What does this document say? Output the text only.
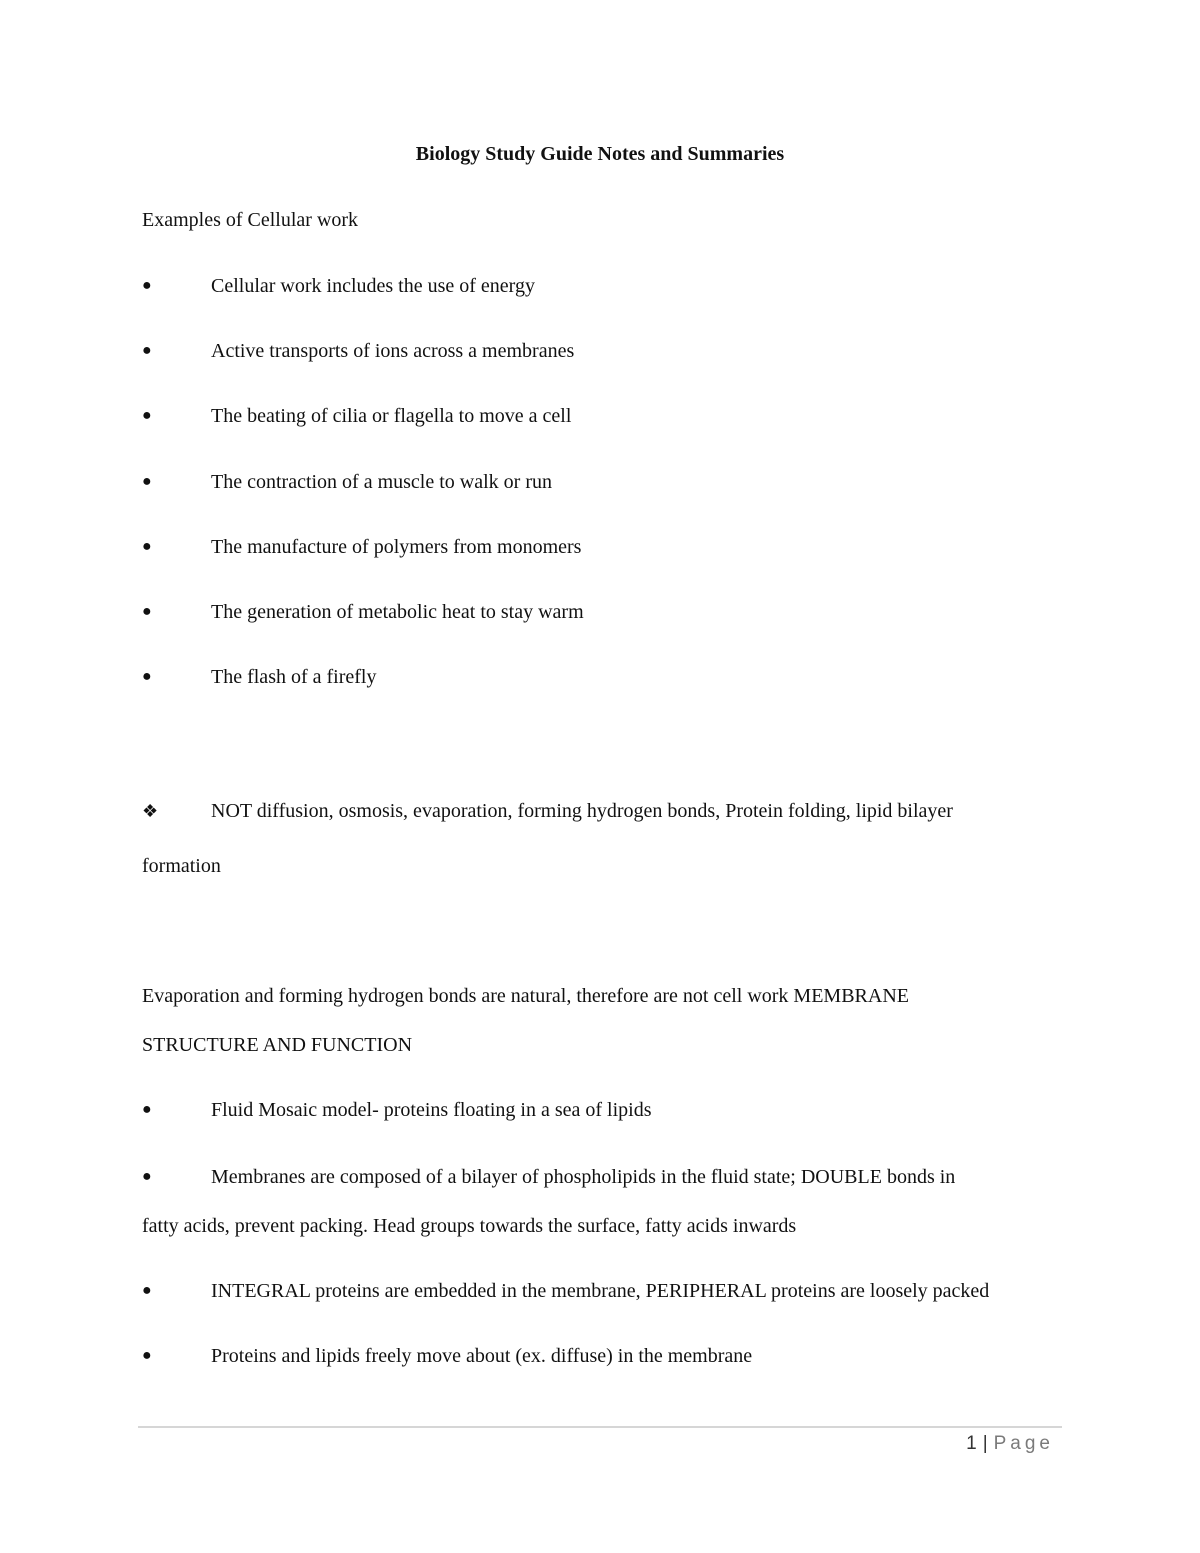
Biology Study Guide Notes and Summaries
Examples of Cellular work
●	Cellular work includes the use of energy
●	Active transports of ions across a membranes
●	The beating of cilia or flagella to move a cell
●	The contraction of a muscle to walk or run
●	The manufacture of polymers from monomers
●	The generation of metabolic heat to stay warm
●	The flash of a firefly
❖	NOT diffusion, osmosis, evaporation, forming hydrogen bonds, Protein folding, lipid bilayer
formation
Evaporation and forming hydrogen bonds are natural, therefore are not cell work MEMBRANE
STRUCTURE AND FUNCTION
●	Fluid Mosaic model- proteins floating in a sea of lipids
●	Membranes are composed of a bilayer of phospholipids in the fluid state; DOUBLE bonds in
fatty acids, prevent packing. Head groups towards the surface, fatty acids inwards
●	INTEGRAL proteins are embedded in the membrane, PERIPHERAL proteins are loosely packed
●	Proteins and lipids freely move about (ex. diffuse) in the membrane
1 | Page
